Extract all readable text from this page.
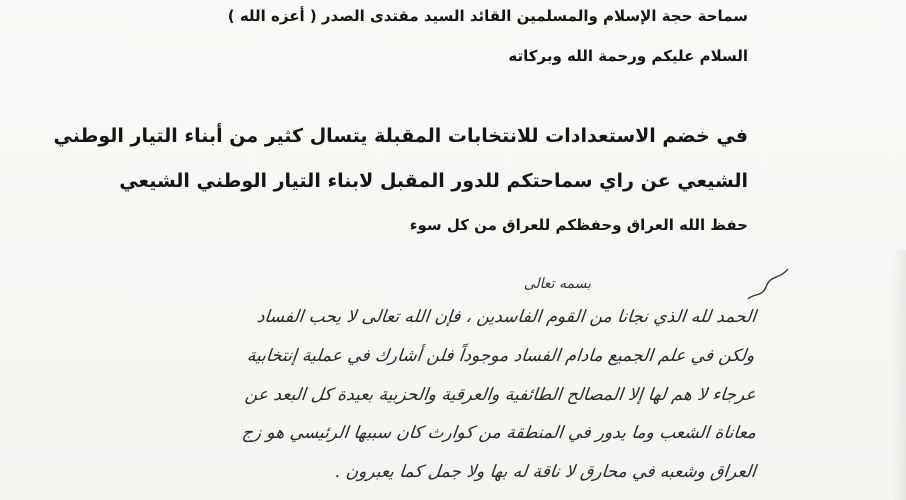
سماحة حجة الإسلام والمسلمين القائد السيد مقتدى الصدر ( أعزه الله )
السلام عليكم ورحمة الله وبركاته
في خضم الاستعدادات للانتخابات المقبلة يتسال كثير من أبناء التيار الوطني
الشيعي عن راي سماحتكم للدور المقبل لابناء التيار الوطني الشيعي
حفظ الله العراق وحفظكم للعراق من كل سوء
بسمه تعالى
الحمد لله الذي نجانا من القوم الفاسدين ، فإن الله تعالى لا يحب الفساد
ولكن في علم الجميع مادام الفساد موجوداً فلن أشارك في عملية إنتخابية
عرجاء لا هم لها إلا المصالح الطائفية والعرقية والحزبية بعيدة كل البعد عن
معاناة الشعب وما يدور في المنطقة من كوارث كان سببها الرئيسي هو زج
العراق وشعبه في محارق لا ناقة له بها ولا جمل كما يعبرون .
